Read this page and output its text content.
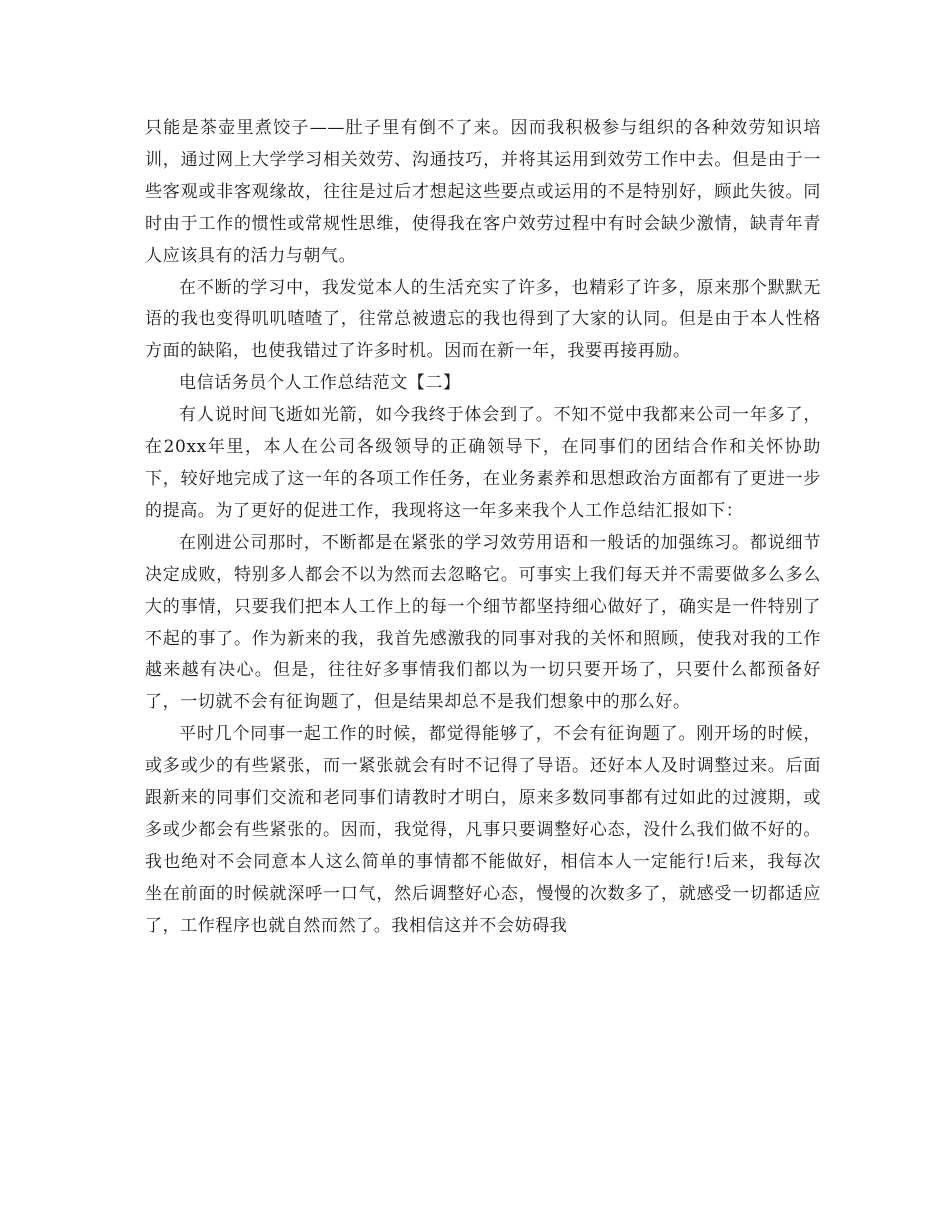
只能是茶壶里煮饺子——肚子里有倒不了来。因而我积极参与组织的各种效劳知识培训，通过网上大学学习相关效劳、沟通技巧，并将其运用到效劳工作中去。但是由于一些客观或非客观缘故，往往是过后才想起这些要点或运用的不是特别好，顾此失彼。同时由于工作的惯性或常规性思维，使得我在客户效劳过程中有时会缺少激情，缺青年青人应该具有的活力与朝气。

在不断的学习中，我发觉本人的生活充实了许多，也精彩了许多，原来那个默默无语的我也变得叽叽喳喳了，往常总被遗忘的我也得到了大家的认同。但是由于本人性格方面的缺陷，也使我错过了许多时机。因而在新一年，我要再接再励。

电信话务员个人工作总结范文【二】

有人说时间飞逝如光箭，如今我终于体会到了。不知不觉中我都来公司一年多了，在20xx年里，本人在公司各级领导的正确领导下，在同事们的团结合作和关怀协助下，较好地完成了这一年的各项工作任务，在业务素养和思想政治方面都有了更进一步的提高。为了更好的促进工作，我现将这一年多来我个人工作总结汇报如下：

在刚进公司那时，不断都是在紧张的学习效劳用语和一般话的加强练习。都说细节决定成败，特别多人都会不以为然而去忽略它。可事实上我们每天并不需要做多么多么大的事情，只要我们把本人工作上的每一个细节都坚持细心做好了，确实是一件特别了不起的事了。作为新来的我，我首先感激我的同事对我的关怀和照顾，使我对我的工作越来越有决心。但是，往往好多事情我们都以为一切只要开场了，只要什么都预备好了，一切就不会有征询题了，但是结果却总不是我们想象中的那么好。

平时几个同事一起工作的时候，都觉得能够了，不会有征询题了。刚开场的时候，或多或少的有些紧张，而一紧张就会有时不记得了导语。还好本人及时调整过来。后面跟新来的同事们交流和老同事们请教时才明白，原来多数同事都有过如此的过渡期，或多或少都会有些紧张的。因而，我觉得，凡事只要调整好心态，没什么我们做不好的。我也绝对不会同意本人这么简单的事情都不能做好，相信本人一定能行!后来，我每次坐在前面的时候就深呼一口气，然后调整好心态，慢慢的次数多了，就感受一切都适应了，工作程序也就自然而然了。我相信这并不会妨碍我
